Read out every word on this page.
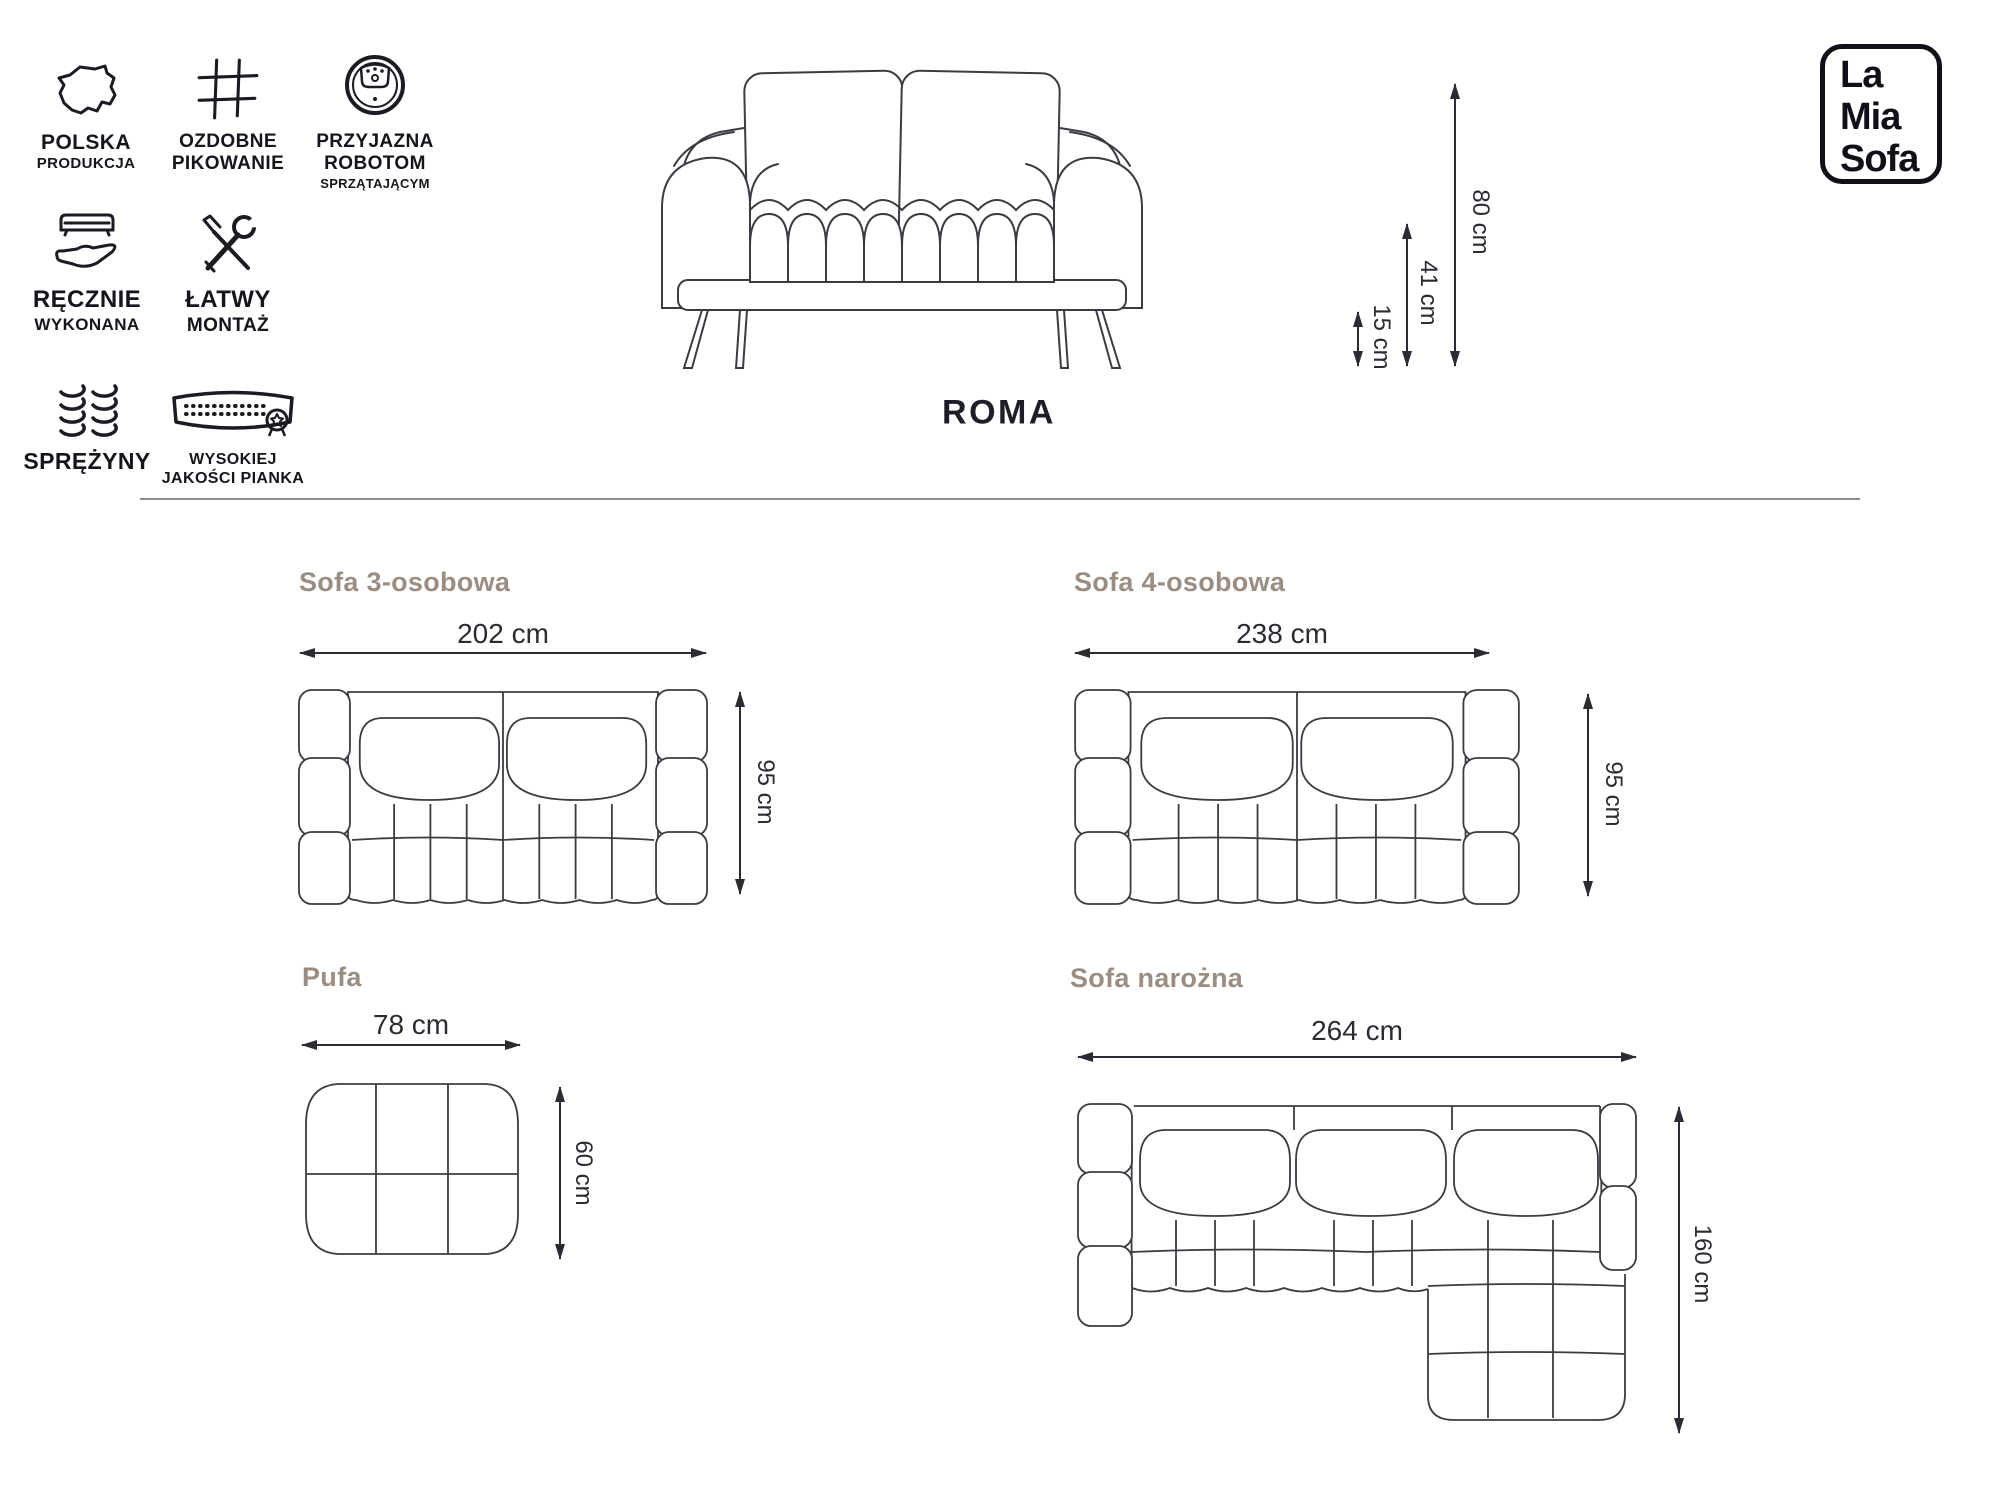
POLSKA
PRODUKCJA
OZDOBNE
PIKOWANIE
PRZYJAZNA
ROBOTOM
SPRZĄTAJĄCYM
RĘCZNIE
WYKONANA
ŁATWY
MONTAŻ
SPRĘŻYNY WYSOKIEJ
JAKOŚCI PIANKA
80 cm
41 cm
15 cm
ROMA
La
Mia
Sofa
Sofa 3-osobowa
202 cm
95 cm
Sofa 4-osobowa
238 cm
95 cm
Pufa
78 cm
60 cm
Sofa narożna
264 cm
160 cm
